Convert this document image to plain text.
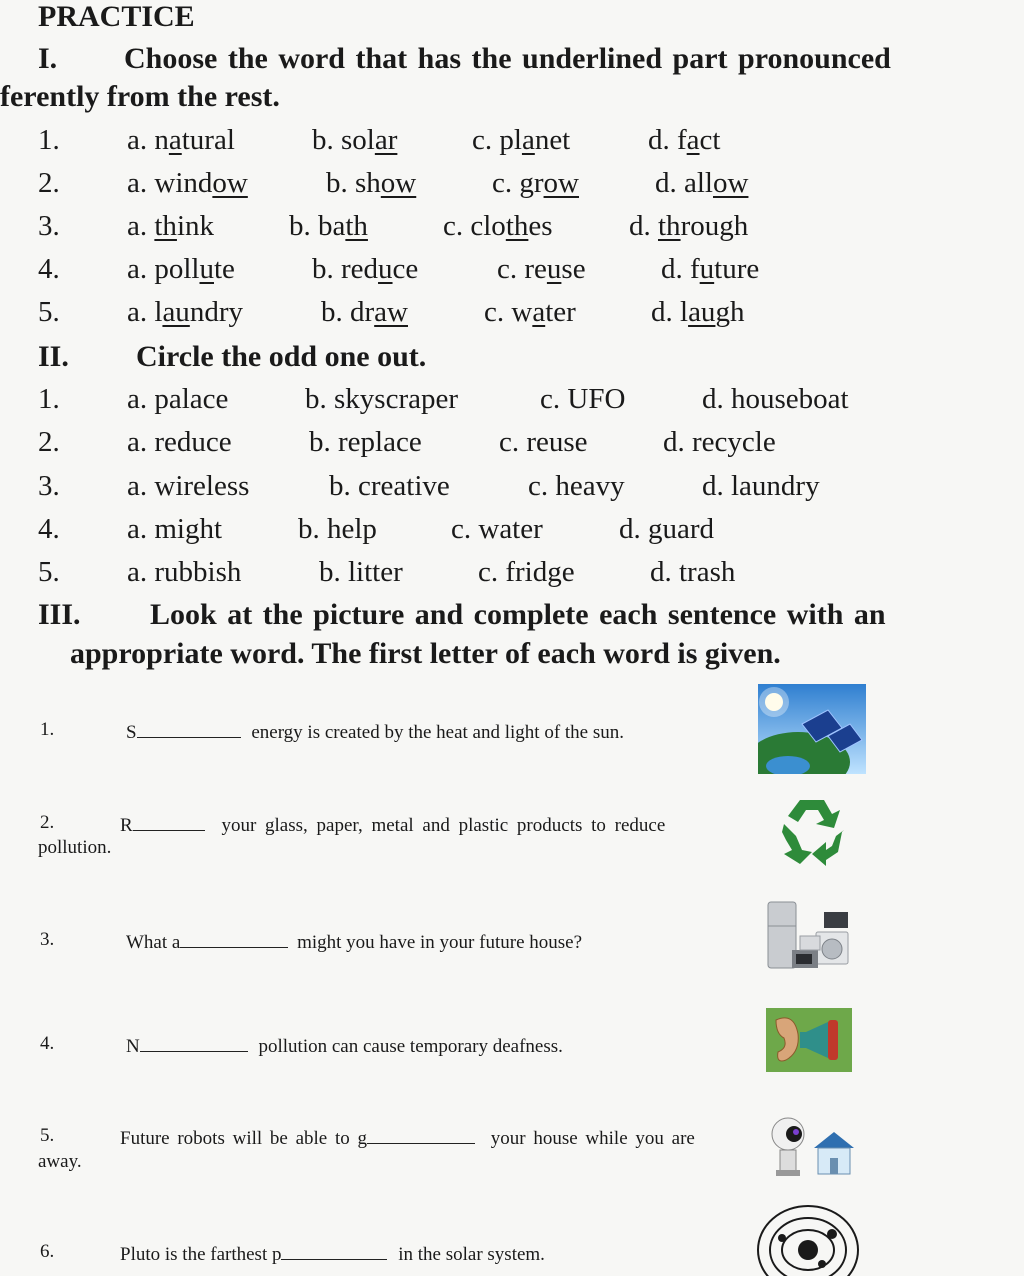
PRACTICE
I. Choose the word that has the underlined part pronounced
ferently from the rest.
1. a. natural	b. solar	c. planet	d. fact
2. a. window	b. show	c. grow	d. allow
3. a. think	b. bath	c. clothes	d. through
4. a. pollute	b. reduce	c. reuse	d. future
5. a. laundry	b. draw	c. water	d. laugh
II. Circle the odd one out.
1. a. palace	b. skyscraper	c. UFO	d. houseboat
2. a. reduce	b. replace	c. reuse	d. recycle
3. a. wireless	b. creative	c. heavy	d. laundry
4. a. might	b. help	c. water	d. guard
5. a. rubbish	b. litter	c. fridge	d. trash
III. Look at the picture and complete each sentence with an
appropriate word. The first letter of each word is given.
1.	S	energy is created by the heat and light of the sun.
2.	R	your glass, paper, metal and plastic products to reduce
pollution.
3.	What a	might you have in your future house?
4.	N	pollution can cause temporary deafness.
5.	Future robots will be able to g	your house while you are
away.
6.	Pluto is the farthest p	in the solar system.
